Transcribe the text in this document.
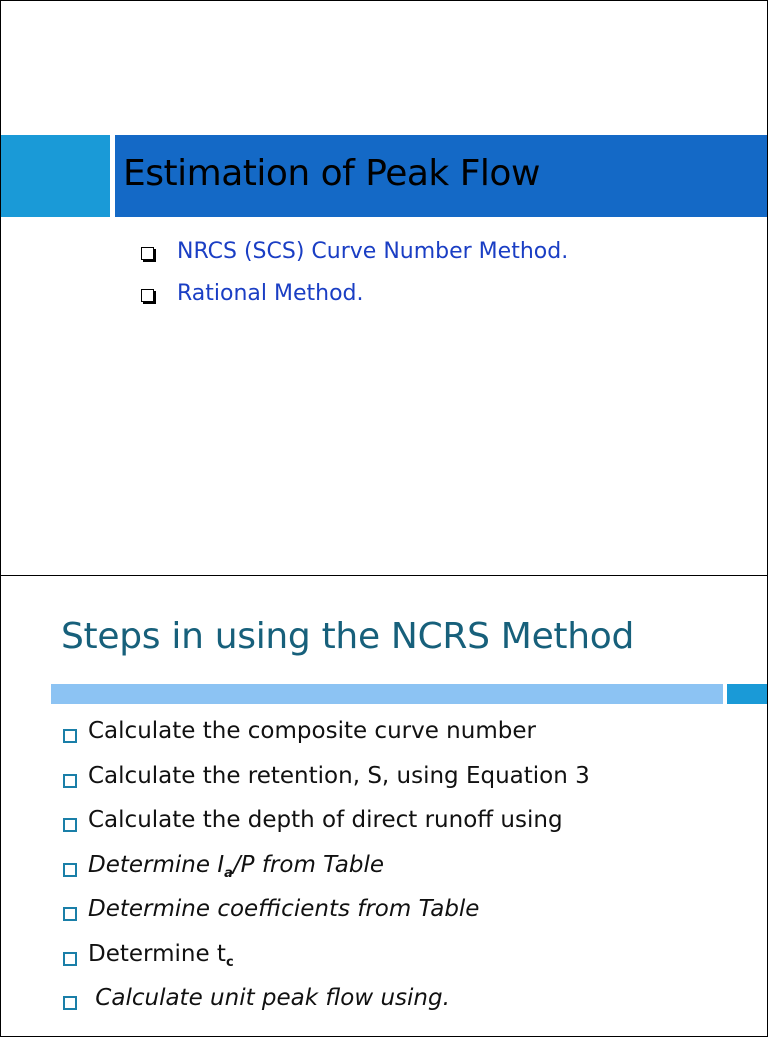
Estimation of Peak Flow
NRCS (SCS) Curve Number Method.
Rational Method.
Steps in using the NCRS Method
Calculate the composite curve number
Calculate the retention, S, using Equation 3
Calculate the depth of direct runoff using
Determine $I_a/P$ from Table
Determine coefficients from Table
Determine $t_c$
Calculate unit peak flow using.
